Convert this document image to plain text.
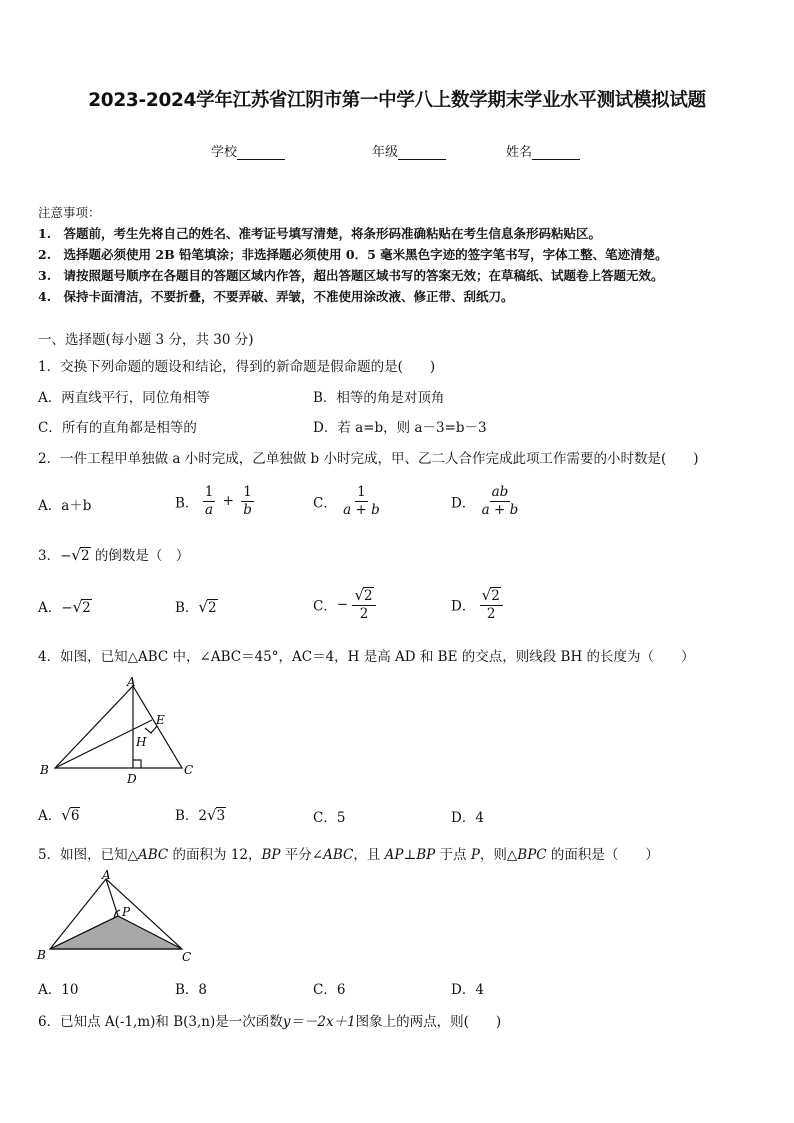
2023-2024学年江苏省江阴市第一中学八上数学期末学业水平测试模拟试题
学校	年级	姓名
注意事项：
1.　答题前，考生先将自己的姓名、准考证号填写清楚，将条形码准确粘贴在考生信息条形码粘贴区。
2.　选择题必须使用 2B 铅笔填涂；非选择题必须使用 0．5 毫米黑色字迹的签字笔书写，字体工整、笔迹清楚。
3.　请按照题号顺序在各题目的答题区域内作答，超出答题区域书写的答案无效；在草稿纸、试题卷上答题无效。
4.　保持卡面清洁，不要折叠，不要弄破、弄皱，不准使用涂改液、修正带、刮纸刀。
一、选择题(每小题 3 分，共 30 分)
1．交换下列命题的题设和结论，得到的新命题是假命题的是(　　)
A．两直线平行，同位角相等	B．相等的角是对顶角
C．所有的直角都是相等的	D．若 a=b，则 a－3=b－3
2．一件工程甲单独做 a 小时完成，乙单独做 b 小时完成，甲、乙二人合作完成此项工作需要的小时数是(　　)
A．a＋b	B． $\frac{1}{a} + \frac{1}{b}$	C． $\frac{1}{a + b}$	D． $\frac{ab}{a + b}$
3．−√2 的倒数是（　）
A．−√2	B．√2	C．− $\frac{√2}{2}$	D． $\frac{√2}{2}$
4．如图，已知△ABC 中，∠ABC＝45°，AC＝4，H 是高 AD 和 BE 的交点，则线段 BH 的长度为（　　）
A
B	C
D
E
H
A．√6	B．2√3	C．5	D．4
5．如图，已知△ABC 的面积为 12，BP 平分∠ABC，且 AP⊥BP 于点 P，则△BPC 的面积是（　　）
A
B	C
P
A．10	B．8	C．6	D．4
6．已知点 A(-1,m)和 B(3,n)是一次函数y＝－2x＋1图象上的两点，则(　　)
